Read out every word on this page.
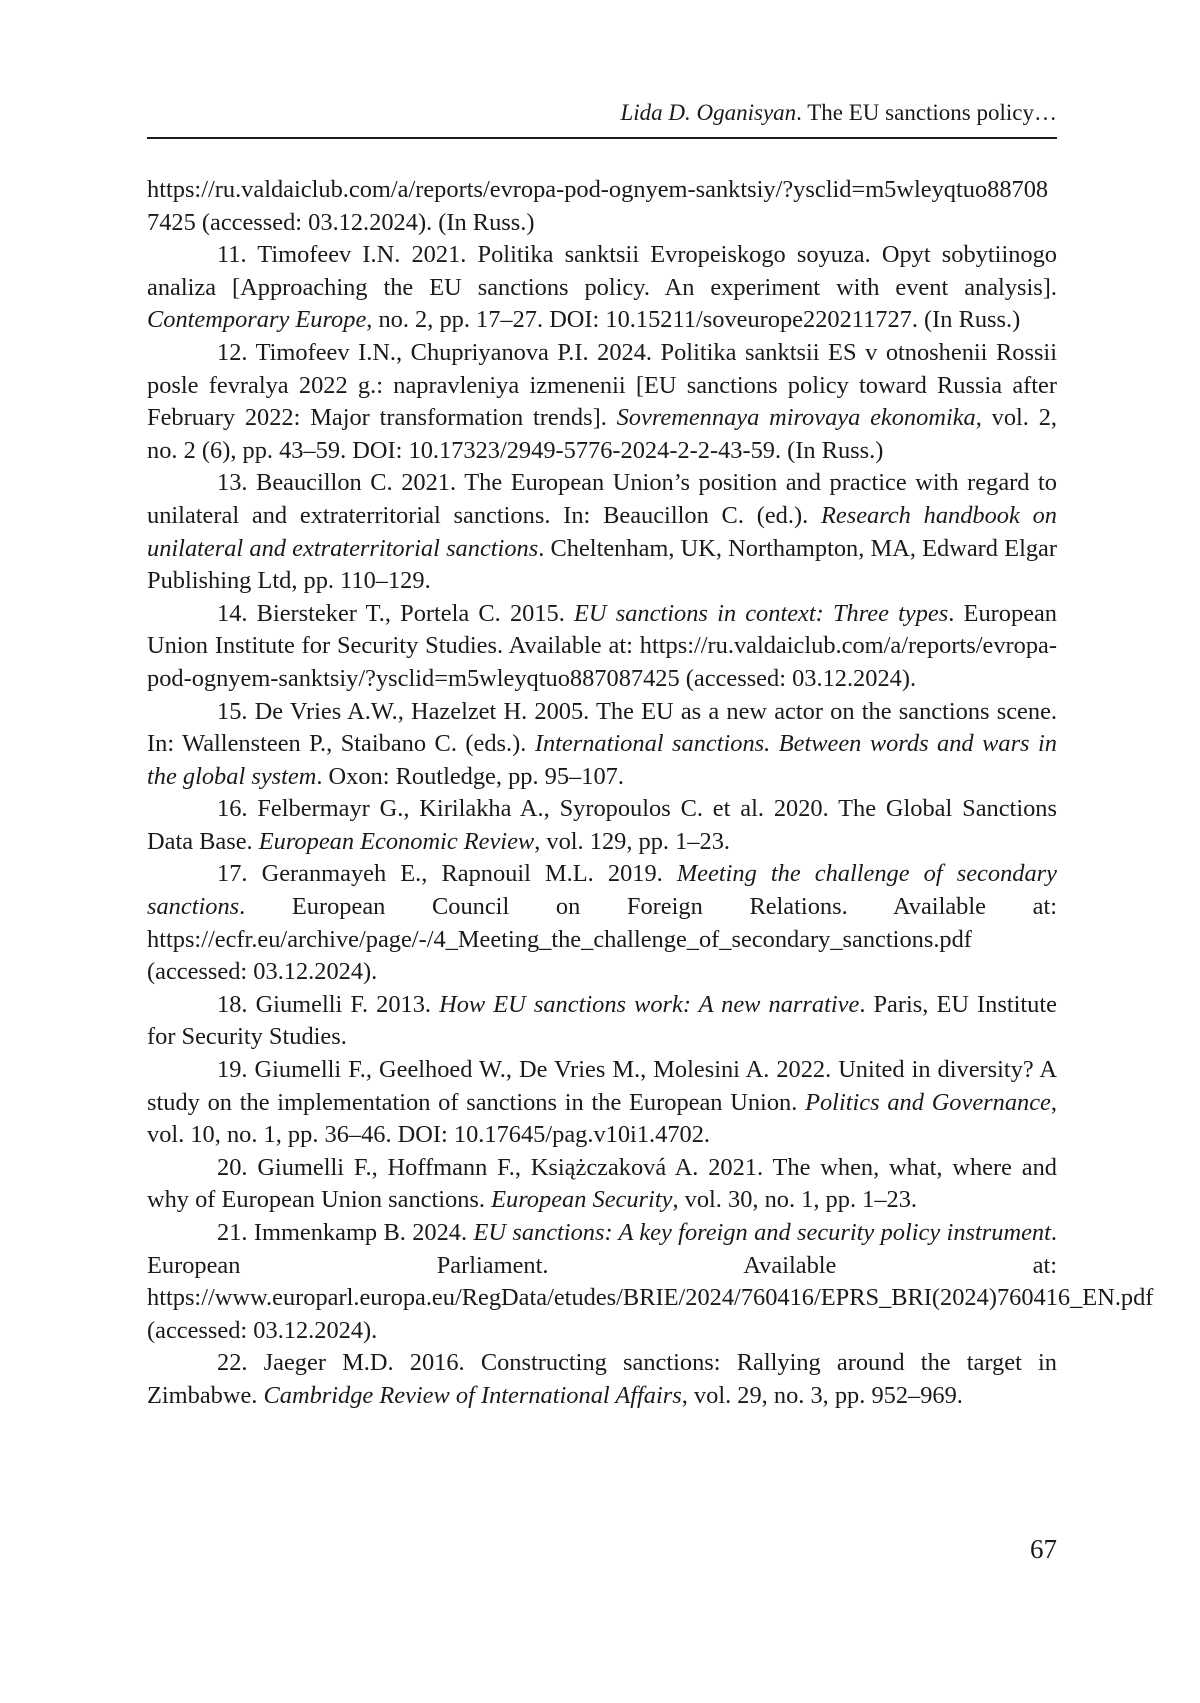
Lida D. Oganisyan. The EU sanctions policy…

https://ru.valdaiclub.com/a/reports/evropa-pod-ognyem-sanktsiy/?ysclid=m5wleyqtuo887087425 (accessed: 03.12.2024). (In Russ.)

11. Timofeev I.N. 2021. Politika sanktsii Evropeiskogo soyuza. Opyt sobytiinogo analiza [Approaching the EU sanctions policy. An experiment with event analysis]. Contemporary Europe, no. 2, pp. 17–27. DOI: 10.15211/soveurope220211727. (In Russ.)

12. Timofeev I.N., Chupriyanova P.I. 2024. Politika sanktsii ES v otnoshenii Rossii posle fevralya 2022 g.: napravleniya izmenenii [EU sanctions policy toward Russia after February 2022: Major transformation trends]. Sovremennaya mirovaya ekonomika, vol. 2, no. 2 (6), pp. 43–59. DOI: 10.17323/2949-5776-2024-2-2-43-59. (In Russ.)

13. Beaucillon C. 2021. The European Union’s position and practice with regard to unilateral and extraterritorial sanctions. In: Beaucillon C. (ed.). Research handbook on unilateral and extraterritorial sanctions. Cheltenham, UK, Northampton, MA, Edward Elgar Publishing Ltd, pp. 110–129.

14. Biersteker T., Portela C. 2015. EU sanctions in context: Three types. European Union Institute for Security Studies. Available at: https://ru.valdaiclub.com/a/reports/evropa-pod-ognyem-sanktsiy/?ysclid=m5wleyqtuo887087425 (accessed: 03.12.2024).

15. De Vries A.W., Hazelzet H. 2005. The EU as a new actor on the sanctions scene. In: Wallensteen P., Staibano C. (eds.). International sanctions. Between words and wars in the global system. Oxon: Routledge, pp. 95–107.

16. Felbermayr G., Kirilakha A., Syropoulos C. et al. 2020. The Global Sanctions Data Base. European Economic Review, vol. 129, pp. 1–23.

17. Geranmayeh E., Rapnouil M.L. 2019. Meeting the challenge of secondary sanctions. European Council on Foreign Relations. Available at: https://ecfr.eu/archive/page/-/4_Meeting_the_challenge_of_secondary_sanctions.pdf (accessed: 03.12.2024).

18. Giumelli F. 2013. How EU sanctions work: A new narrative. Paris, EU Institute for Security Studies.

19. Giumelli F., Geelhoed W., De Vries M., Molesini A. 2022. United in diversity? A study on the implementation of sanctions in the European Union. Politics and Governance, vol. 10, no. 1, pp. 36–46. DOI: 10.17645/pag.v10i1.4702.

20. Giumelli F., Hoffmann F., Książczaková A. 2021. The when, what, where and why of European Union sanctions. European Security, vol. 30, no. 1, pp. 1–23.

21. Immenkamp B. 2024. EU sanctions: A key foreign and security policy instrument. European Parliament. Available at: https://www.europarl.europa.eu/RegData/etudes/BRIE/2024/760416/EPRS_BRI(2024)760416_EN.pdf (accessed: 03.12.2024).

22. Jaeger M.D. 2016. Constructing sanctions: Rallying around the target in Zimbabwe. Cambridge Review of International Affairs, vol. 29, no. 3, pp. 952–969.

67
